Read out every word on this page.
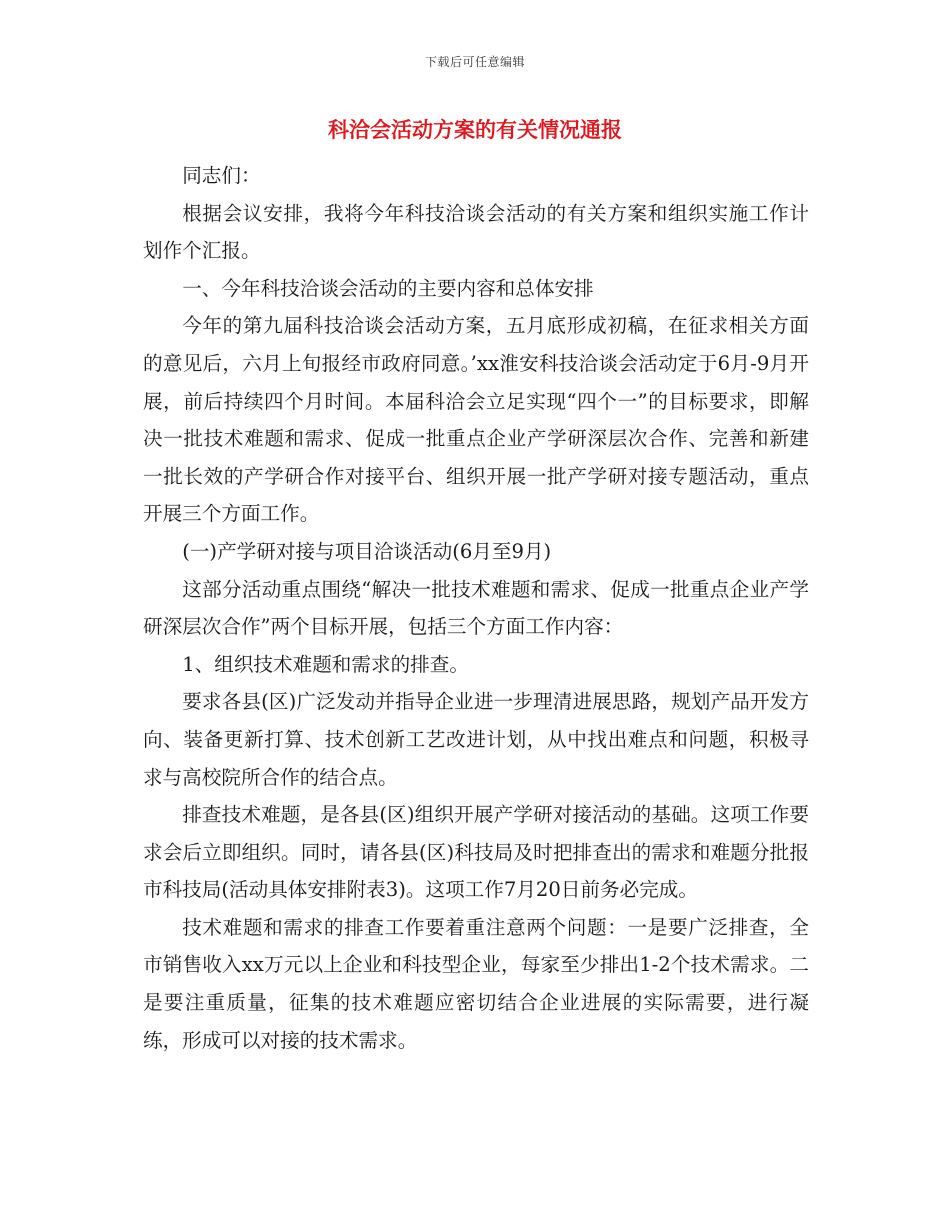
下载后可任意编辑
科洽会活动方案的有关情况通报

同志们：

根据会议安排，我将今年科技洽谈会活动的有关方案和组织实施工作计划作个汇报。

一、今年科技洽谈会活动的主要内容和总体安排

今年的第九届科技洽谈会活动方案，五月底形成初稿，在征求相关方面的意见后，六月上旬报经市政府同意。’xx淮安科技洽谈会活动定于6月-9月开展，前后持续四个月时间。本届科洽会立足实现“四个一”的目标要求，即解决一批技术难题和需求、促成一批重点企业产学研深层次合作、完善和新建一批长效的产学研合作对接平台、组织开展一批产学研对接专题活动，重点开展三个方面工作。

(一)产学研对接与项目洽谈活动(6月至9月)

这部分活动重点围绕“解决一批技术难题和需求、促成一批重点企业产学研深层次合作”两个目标开展，包括三个方面工作内容：

1、组织技术难题和需求的排查。

要求各县(区)广泛发动并指导企业进一步理清进展思路，规划产品开发方向、装备更新打算、技术创新工艺改进计划，从中找出难点和问题，积极寻求与高校院所合作的结合点。

排查技术难题，是各县(区)组织开展产学研对接活动的基础。这项工作要求会后立即组织。同时，请各县(区)科技局及时把排查出的需求和难题分批报市科技局(活动具体安排附表3)。这项工作7月20日前务必完成。

技术难题和需求的排查工作要着重注意两个问题：一是要广泛排查，全市销售收入xx万元以上企业和科技型企业，每家至少排出1-2个技术需求。二是要注重质量，征集的技术难题应密切结合企业进展的实际需要，进行凝练，形成可以对接的技术需求。
